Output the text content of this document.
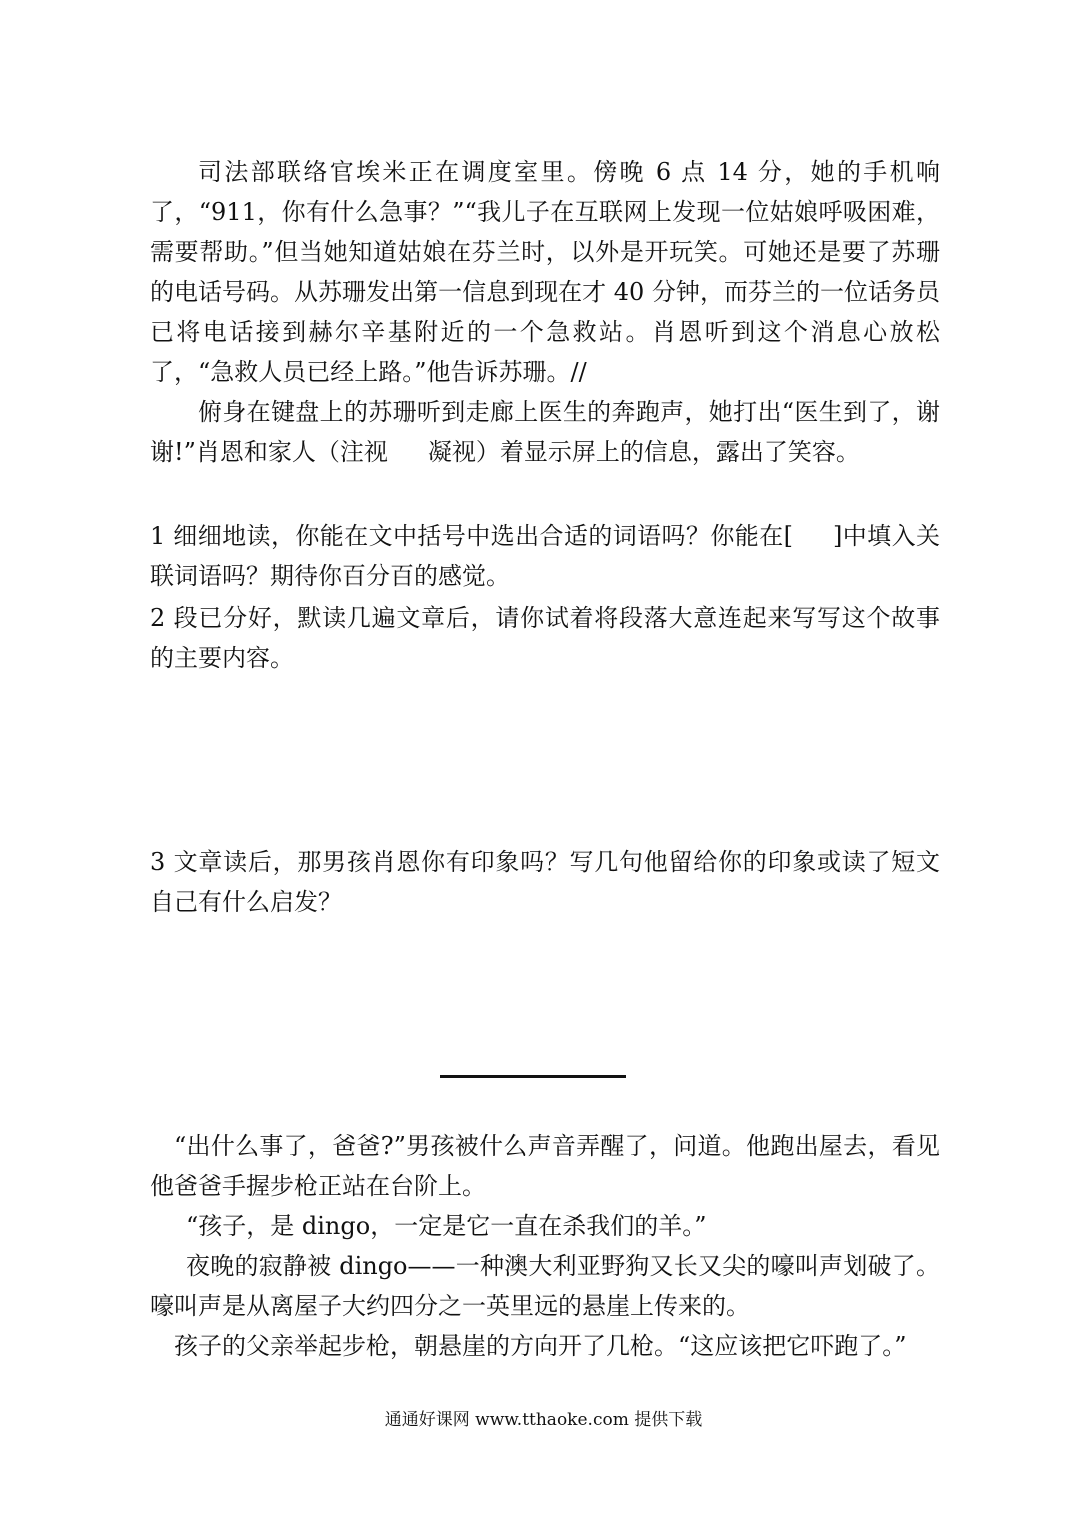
司法部联络官埃米正在调度室里。傍晚 6 点 14 分，她的手机响了，“911，你有什么急事？”“我儿子在互联网上发现一位姑娘呼吸困难，需要帮助。”但当她知道姑娘在芬兰时，以外是开玩笑。可她还是要了苏珊的电话号码。从苏珊发出第一信息到现在才 40 分钟，而芬兰的一位话务员已将电话接到赫尔辛基附近的一个急救站。肖恩听到这个消息心放松了，“急救人员已经上路。”他告诉苏珊。//

俯身在键盘上的苏珊听到走廊上医生的奔跑声，她打出“医生到了，谢谢!”肖恩和家人（注视 凝视）着显示屏上的信息，露出了笑容。

1 细细地读，你能在文中括号中选出合适的词语吗？你能在[ ]中填入关联词语吗？期待你百分百的感觉。

2 段已分好，默读几遍文章后，请你试着将段落大意连起来写写这个故事的主要内容。

3 文章读后，那男孩肖恩你有印象吗？写几句他留给你的印象或读了短文自己有什么启发？

“出什么事了，爸爸?”男孩被什么声音弄醒了，问道。他跑出屋去，看见他爸爸手握步枪正站在台阶上。

“孩子，是 dingo，一定是它一直在杀我们的羊。”

夜晚的寂静被 dingo——一种澳大利亚野狗又长又尖的嚎叫声划破了。嚎叫声是从离屋子大约四分之一英里远的悬崖上传来的。

孩子的父亲举起步枪，朝悬崖的方向开了几枪。“这应该把它吓跑了。”

通通好课网 www.tthaoke.com 提供下载
